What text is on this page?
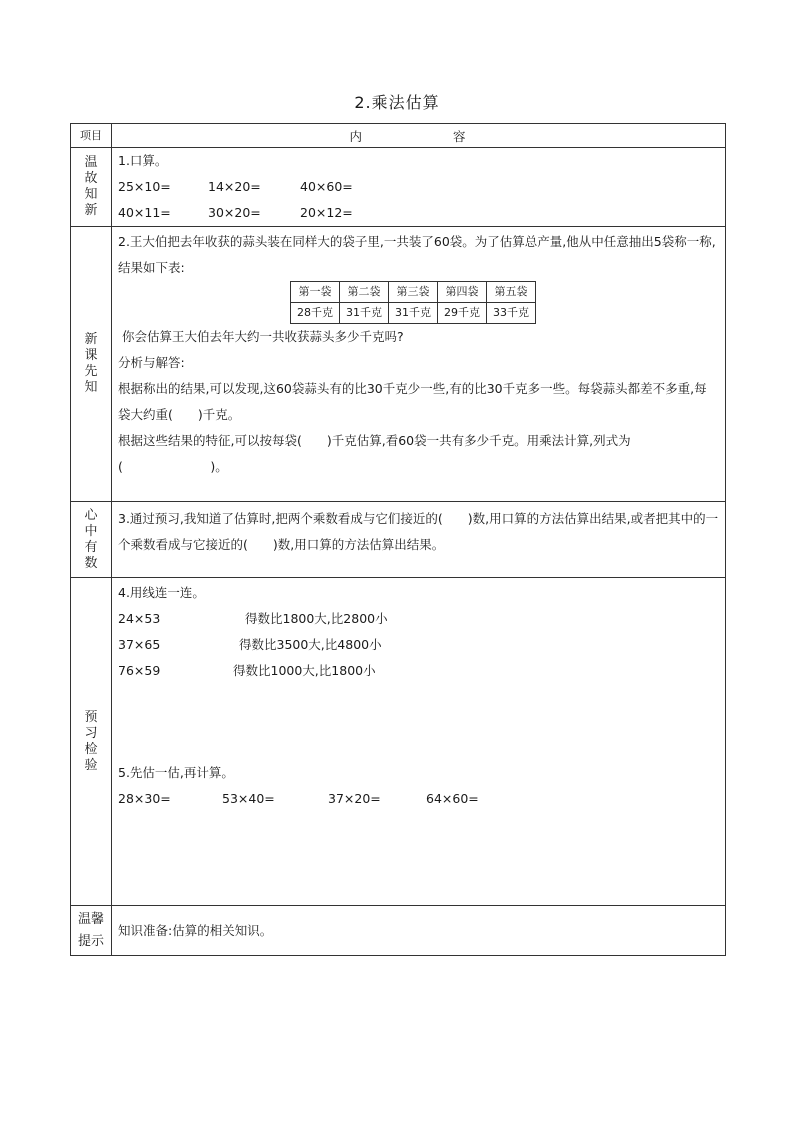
2.乘法估算
项目	内　　容
温故知新	
1.口算。
25×10=	14×20=	40×60=
40×11=	30×20=	20×12=

新课先知	
2.王大伯把去年收获的蒜头装在同样大的袋子里,一共装了60袋。为了估算总产量,他从中任意抽出5袋称一称,结果如下表:
第一袋	第二袋	第三袋	第四袋	第五袋
28千克	31千克	31千克	29千克	33千克
你会估算王大伯去年大约一共收获蒜头多少千克吗?
分析与解答:
根据称出的结果,可以发现,这60袋蒜头有的比30千克少一些,有的比30千克多一些。每袋蒜头都差不多重,每袋大约重(　　)千克。
根据这些结果的特征,可以按每袋(　　)千克估算,看60袋一共有多少千克。用乘法计算,列式为(　　　　　　　)。

心中有数	
3.通过预习,我知道了估算时,把两个乘数看成与它们接近的(　　)数,用口算的方法估算出结果,或者把其中的一个乘数看成与它接近的(　　)数,用口算的方法估算出结果。

预习检验	
4.用线连一连。
24×53	得数比1800大,比2800小
37×65	得数比3500大,比4800小
76×59	得数比1000大,比1800小
5.先估一估,再计算。
28×30=	53×40=	37×20=	64×60=

温馨提示	
知识准备:估算的相关知识。
